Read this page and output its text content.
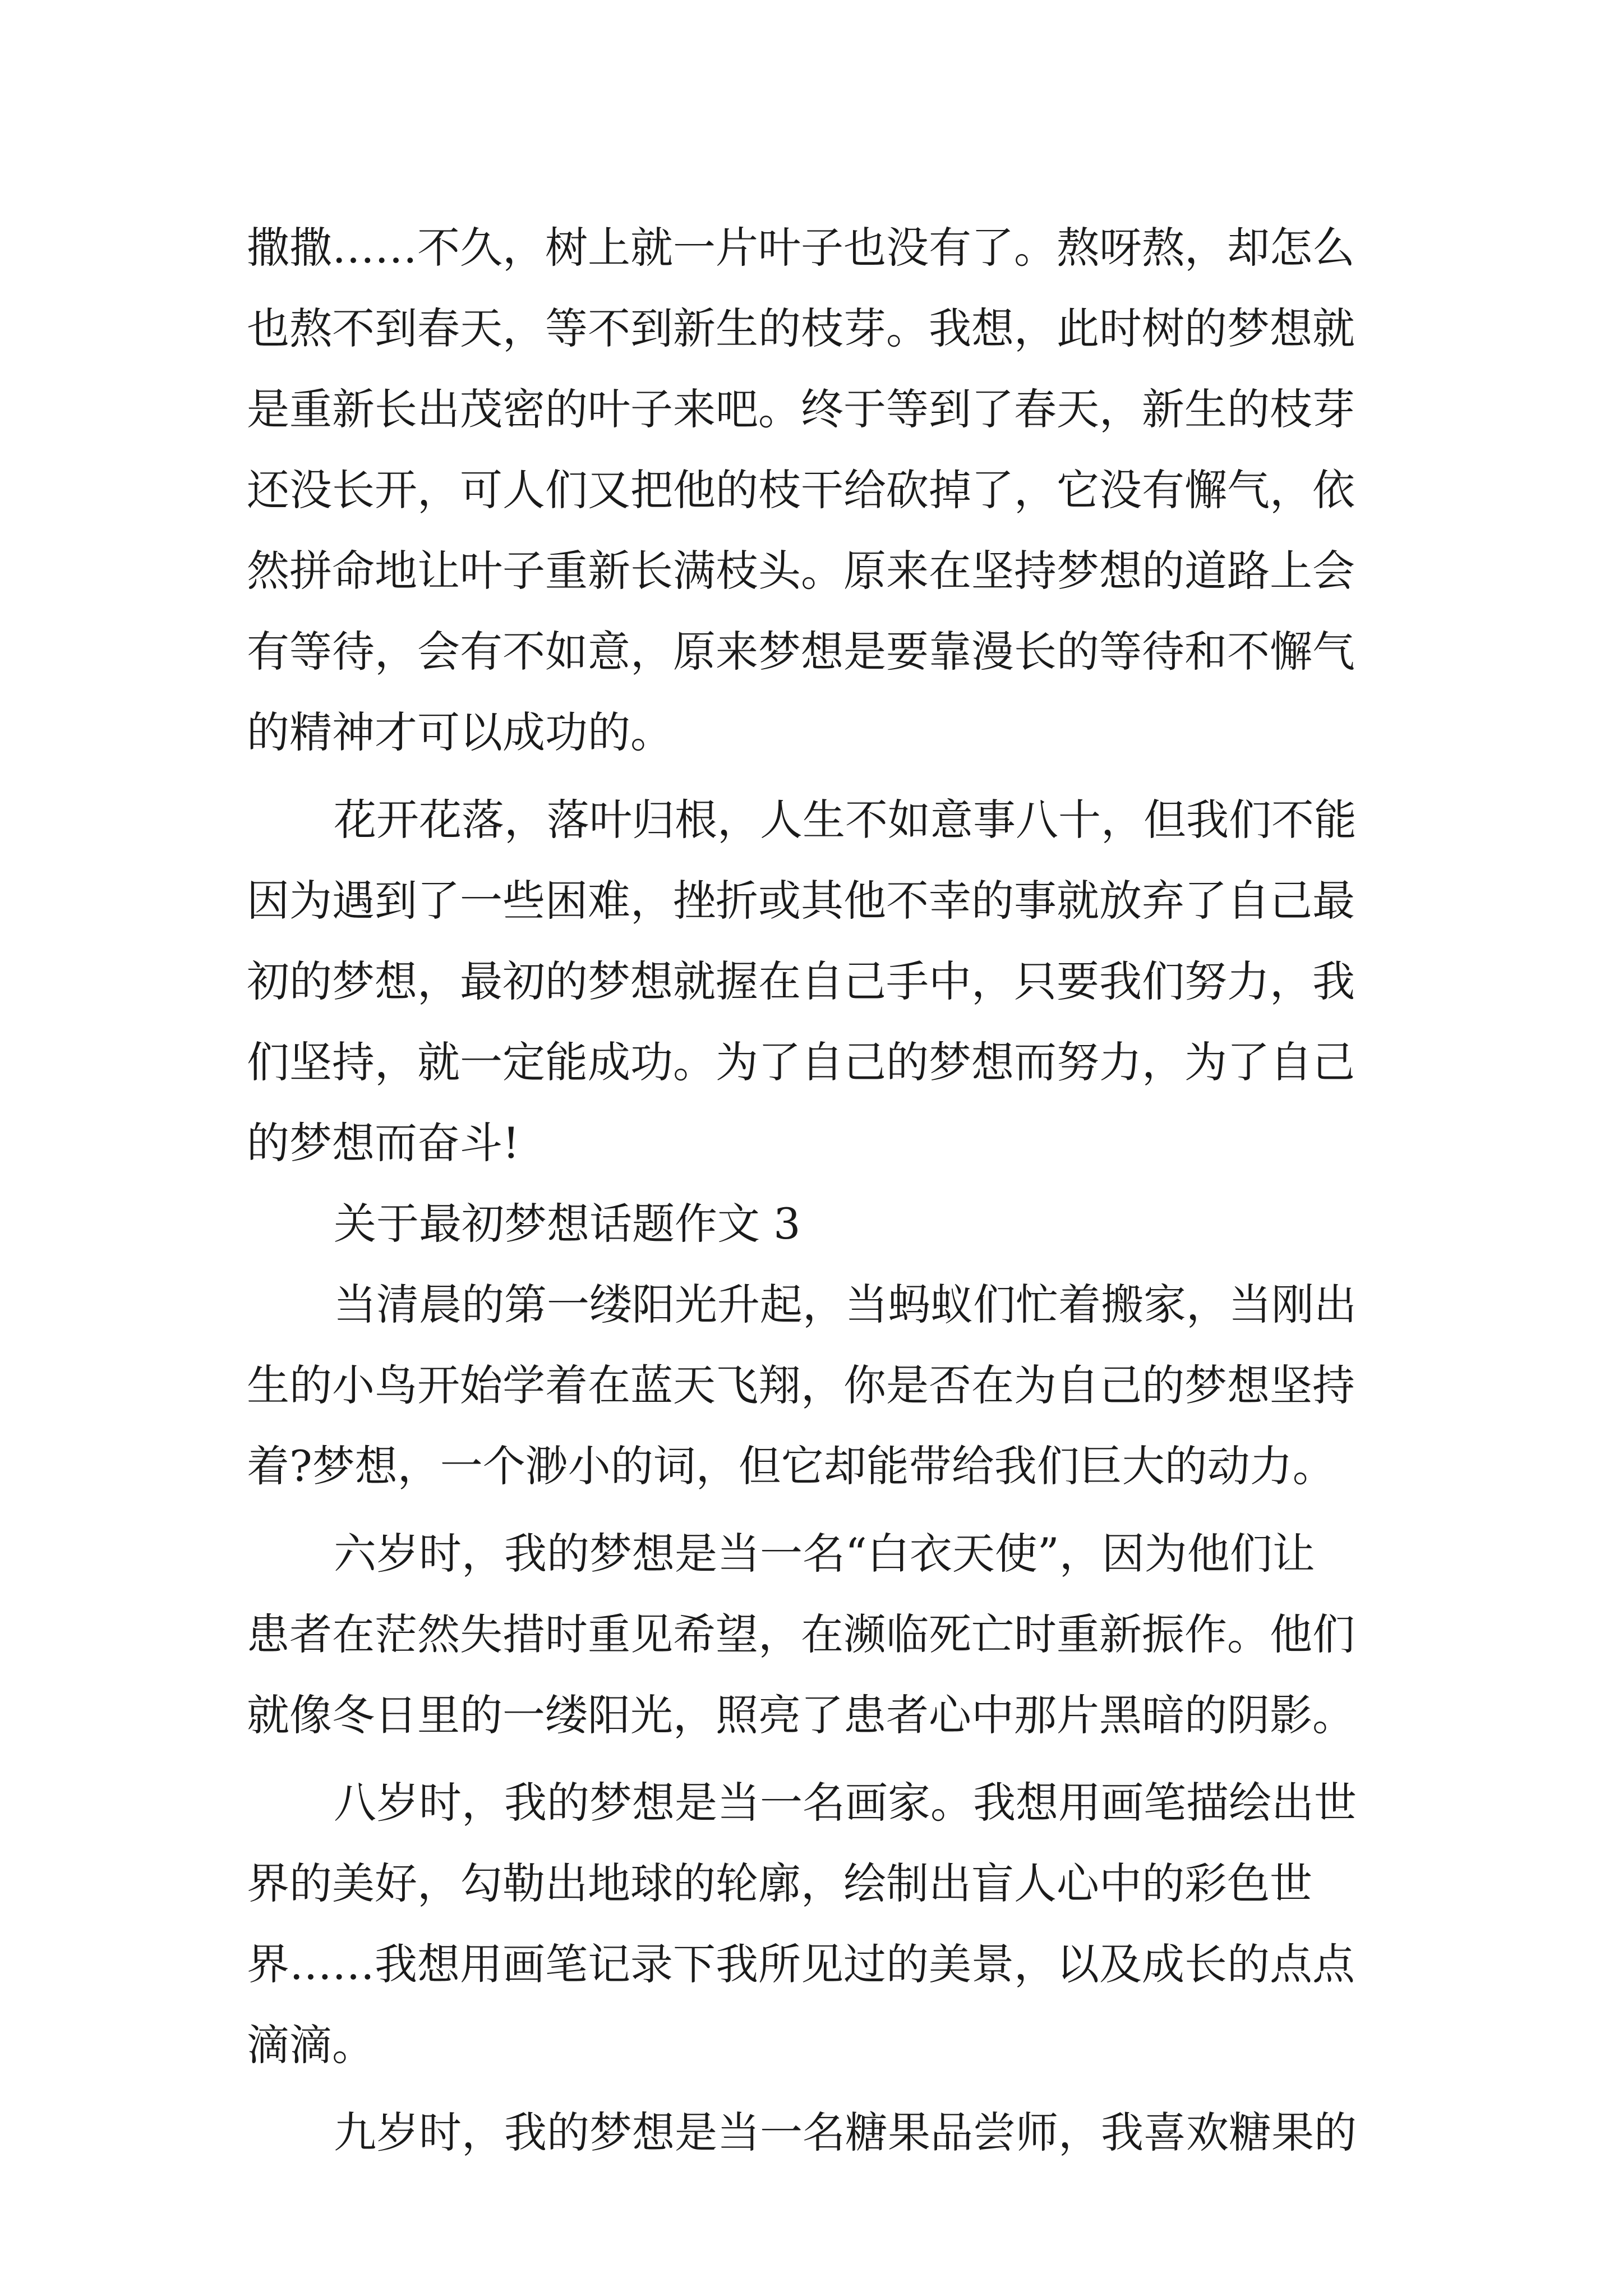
撒撒……不久，树上就一片叶子也没有了。熬呀熬，却怎么
也熬不到春天，等不到新生的枝芽。我想，此时树的梦想就
是重新长出茂密的叶子来吧。终于等到了春天，新生的枝芽
还没长开，可人们又把他的枝干给砍掉了，它没有懈气，依
然拼命地让叶子重新长满枝头。原来在坚持梦想的道路上会
有等待，会有不如意，原来梦想是要靠漫长的等待和不懈气
的精神才可以成功的。
花开花落，落叶归根，人生不如意事八十，但我们不能
因为遇到了一些困难，挫折或其他不幸的事就放弃了自己最
初的梦想，最初的梦想就握在自己手中，只要我们努力，我
们坚持，就一定能成功。为了自己的梦想而努力，为了自己
的梦想而奋斗!
关于最初梦想话题作文 3
当清晨的第一缕阳光升起，当蚂蚁们忙着搬家，当刚出
生的小鸟开始学着在蓝天飞翔，你是否在为自己的梦想坚持
着?梦想，一个渺小的词，但它却能带给我们巨大的动力。
六岁时，我的梦想是当一名“白衣天使”，因为他们让
患者在茫然失措时重见希望，在濒临死亡时重新振作。他们
就像冬日里的一缕阳光，照亮了患者心中那片黑暗的阴影。
八岁时，我的梦想是当一名画家。我想用画笔描绘出世
界的美好，勾勒出地球的轮廓，绘制出盲人心中的彩色世
界……我想用画笔记录下我所见过的美景，以及成长的点点
滴滴。
九岁时，我的梦想是当一名糖果品尝师，我喜欢糖果的
